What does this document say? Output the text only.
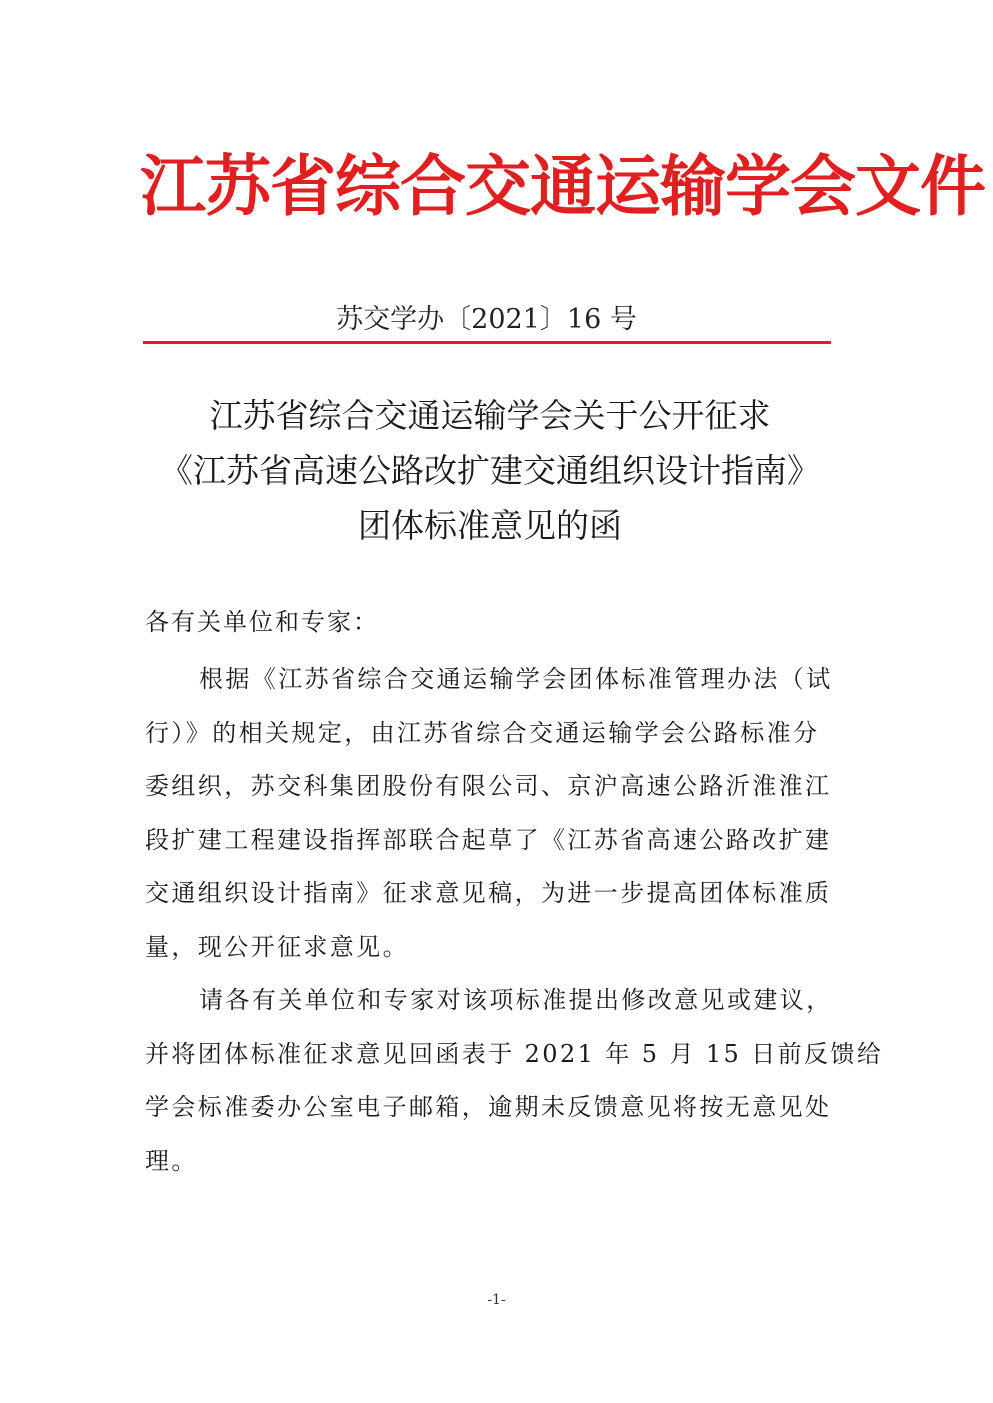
江苏省综合交通运输学会文件
苏交学办〔2021〕16 号
江苏省综合交通运输学会关于公开征求
《江苏省高速公路改扩建交通组织设计指南》
团体标准意见的函
各有关单位和专家：
根据《江苏省综合交通运输学会团体标准管理办法（试
行）》的相关规定，由江苏省综合交通运输学会公路标准分
委组织，苏交科集团股份有限公司、京沪高速公路沂淮淮江
段扩建工程建设指挥部联合起草了《江苏省高速公路改扩建
交通组织设计指南》征求意见稿，为进一步提高团体标准质
量，现公开征求意见。
请各有关单位和专家对该项标准提出修改意见或建议，
并将团体标准征求意见回函表于 2021 年 5 月 15 日前反馈给
学会标准委办公室电子邮箱，逾期未反馈意见将按无意见处
理。
-1-
